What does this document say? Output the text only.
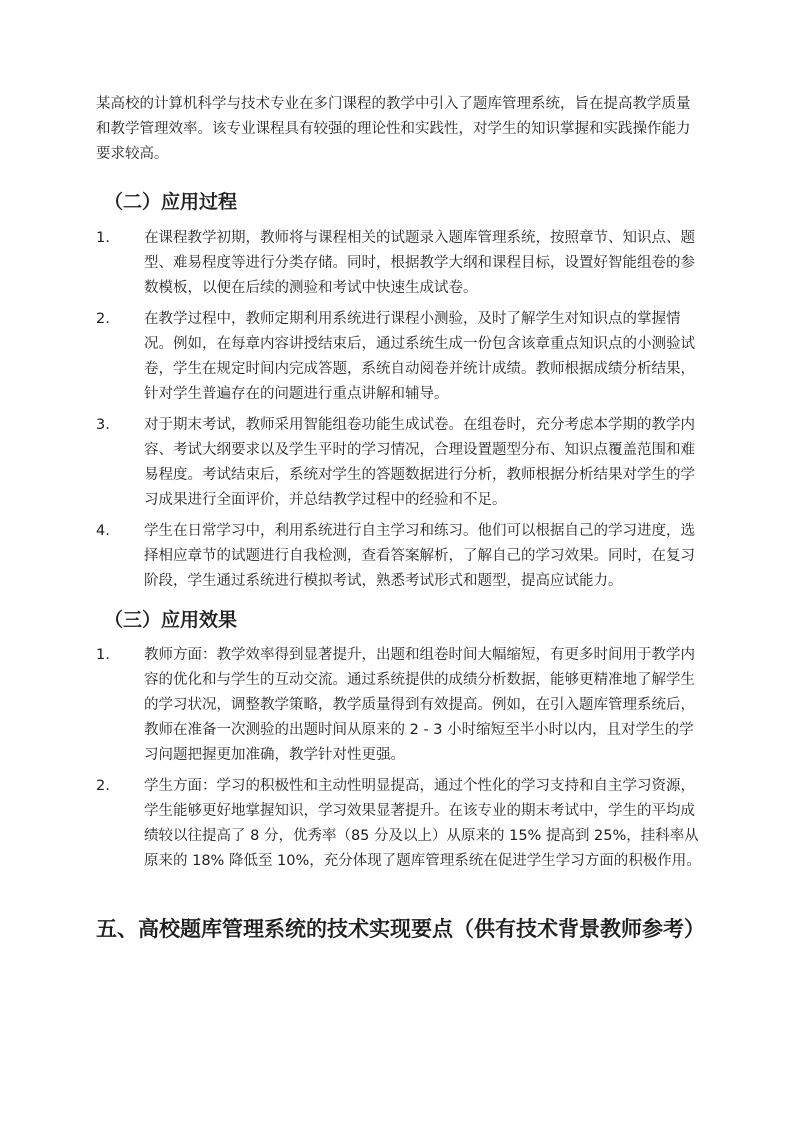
某高校的计算机科学与技术专业在多门课程的教学中引入了题库管理系统，旨在提高教学质量和教学管理效率。该专业课程具有较强的理论性和实践性，对学生的知识掌握和实践操作能力要求较高。

（二）应用过程
1.	在课程教学初期，教师将与课程相关的试题录入题库管理系统，按照章节、知识点、题型、难易程度等进行分类存储。同时，根据教学大纲和课程目标，设置好智能组卷的参数模板，以便在后续的测验和考试中快速生成试卷。
2.	在教学过程中，教师定期利用系统进行课程小测验，及时了解学生对知识点的掌握情况。例如，在每章内容讲授结束后，通过系统生成一份包含该章重点知识点的小测验试卷，学生在规定时间内完成答题，系统自动阅卷并统计成绩。教师根据成绩分析结果，针对学生普遍存在的问题进行重点讲解和辅导。
3.	对于期末考试，教师采用智能组卷功能生成试卷。在组卷时，充分考虑本学期的教学内容、考试大纲要求以及学生平时的学习情况，合理设置题型分布、知识点覆盖范围和难易程度。考试结束后，系统对学生的答题数据进行分析，教师根据分析结果对学生的学习成果进行全面评价，并总结教学过程中的经验和不足。
4.	学生在日常学习中，利用系统进行自主学习和练习。他们可以根据自己的学习进度，选择相应章节的试题进行自我检测，查看答案解析，了解自己的学习效果。同时，在复习阶段，学生通过系统进行模拟考试，熟悉考试形式和题型，提高应试能力。
（三）应用效果
1.	教师方面：教学效率得到显著提升，出题和组卷时间大幅缩短，有更多时间用于教学内容的优化和与学生的互动交流。通过系统提供的成绩分析数据，能够更精准地了解学生的学习状况，调整教学策略，教学质量得到有效提高。例如，在引入题库管理系统后，教师在准备一次测验的出题时间从原来的 2 - 3 小时缩短至半小时以内，且对学生的学习问题把握更加准确，教学针对性更强。
2.	学生方面：学习的积极性和主动性明显提高，通过个性化的学习支持和自主学习资源，学生能够更好地掌握知识，学习效果显著提升。在该专业的期末考试中，学生的平均成绩较以往提高了 8 分，优秀率（85 分及以上）从原来的 15% 提高到 25%，挂科率从原来的 18% 降低至 10%，充分体现了题库管理系统在促进学生学习方面的积极作用。
五、高校题库管理系统的技术实现要点（供有技术背景教师参考）
